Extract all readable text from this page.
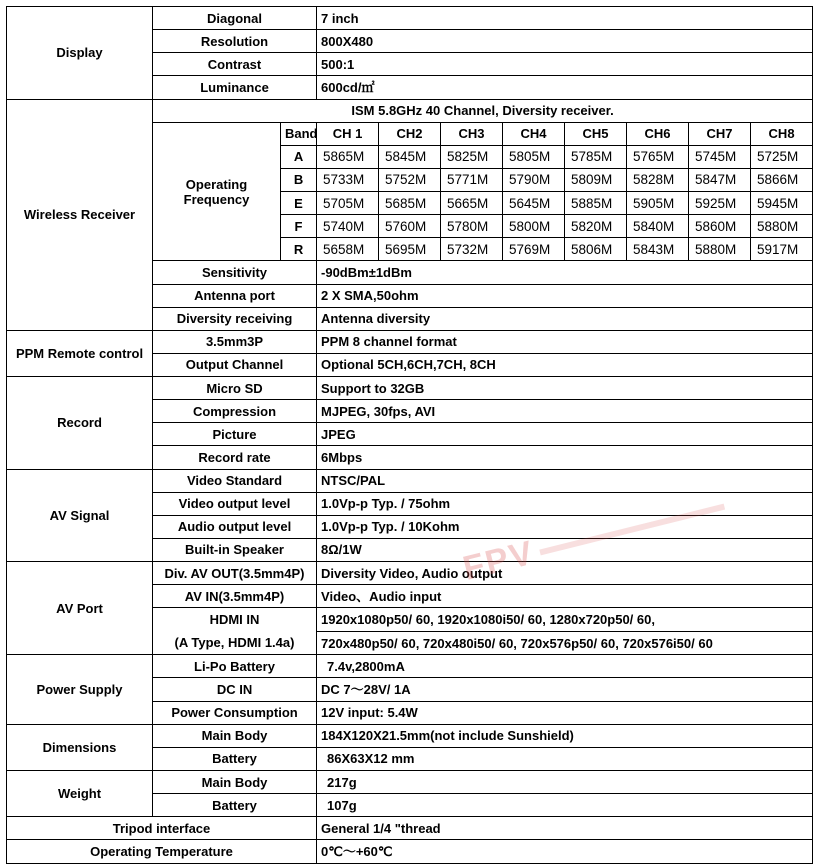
Display	Diagonal		7 inch							
	Resolution		800X480							
	Contrast		500:1							
	Luminance		600cd/㎡							
Wireless Receiver	ISM 5.8GHz 40 Channel, Diversity receiver.									
	Operating
Frequency	Band	CH 1	CH2	CH3	CH4	CH5	CH6	CH7	CH8
		A	5865M	5845M	5825M	5805M	5785M	5765M	5745M	5725M
		B	5733M	5752M	5771M	5790M	5809M	5828M	5847M	5866M
		E	5705M	5685M	5665M	5645M	5885M	5905M	5925M	5945M
		F	5740M	5760M	5780M	5800M	5820M	5840M	5860M	5880M
		R	5658M	5695M	5732M	5769M	5806M	5843M	5880M	5917M
	Sensitivity		-90dBm±1dBm							
	Antenna port		2 X SMA,50ohm							
	Diversity receiving		Antenna diversity							
PPM Remote control	3.5mm3P		PPM 8 channel format							
	Output Channel		Optional 5CH,6CH,7CH, 8CH							
Record	Micro SD		Support to 32GB							
	Compression		MJPEG, 30fps, AVI							
	Picture		JPEG							
	Record rate		6Mbps							
AV Signal	Video Standard		NTSC/PAL							
	Video output level		1.0Vp-p Typ. / 75ohm							
	Audio output level		1.0Vp-p Typ. / 10Kohm							
	Built-in Speaker		8Ω/1W							
AV Port	Div. AV OUT(3.5mm4P)		Diversity Video, Audio output							
	AV IN(3.5mm4P)		Video、Audio input							
	HDMI IN
(A Type, HDMI 1.4a)		1920x1080p50/ 60, 1920x1080i50/ 60, 1280x720p50/ 60,							
			720x480p50/ 60, 720x480i50/ 60, 720x576p50/ 60, 720x576i50/ 60							
Power Supply	Li-Po Battery		7.4v,2800mA							
	DC IN		DC 7～28V/ 1A							
	Power Consumption		12V input: 5.4W							
Dimensions	Main Body		184X120X21.5mm(not include Sunshield)							
	Battery		86X63X12 mm							
Weight	Main Body		217g							
	Battery		107g							
Tripod interface			General 1/4 "thread							
Operating Temperature			0℃～+60℃							
FPV
